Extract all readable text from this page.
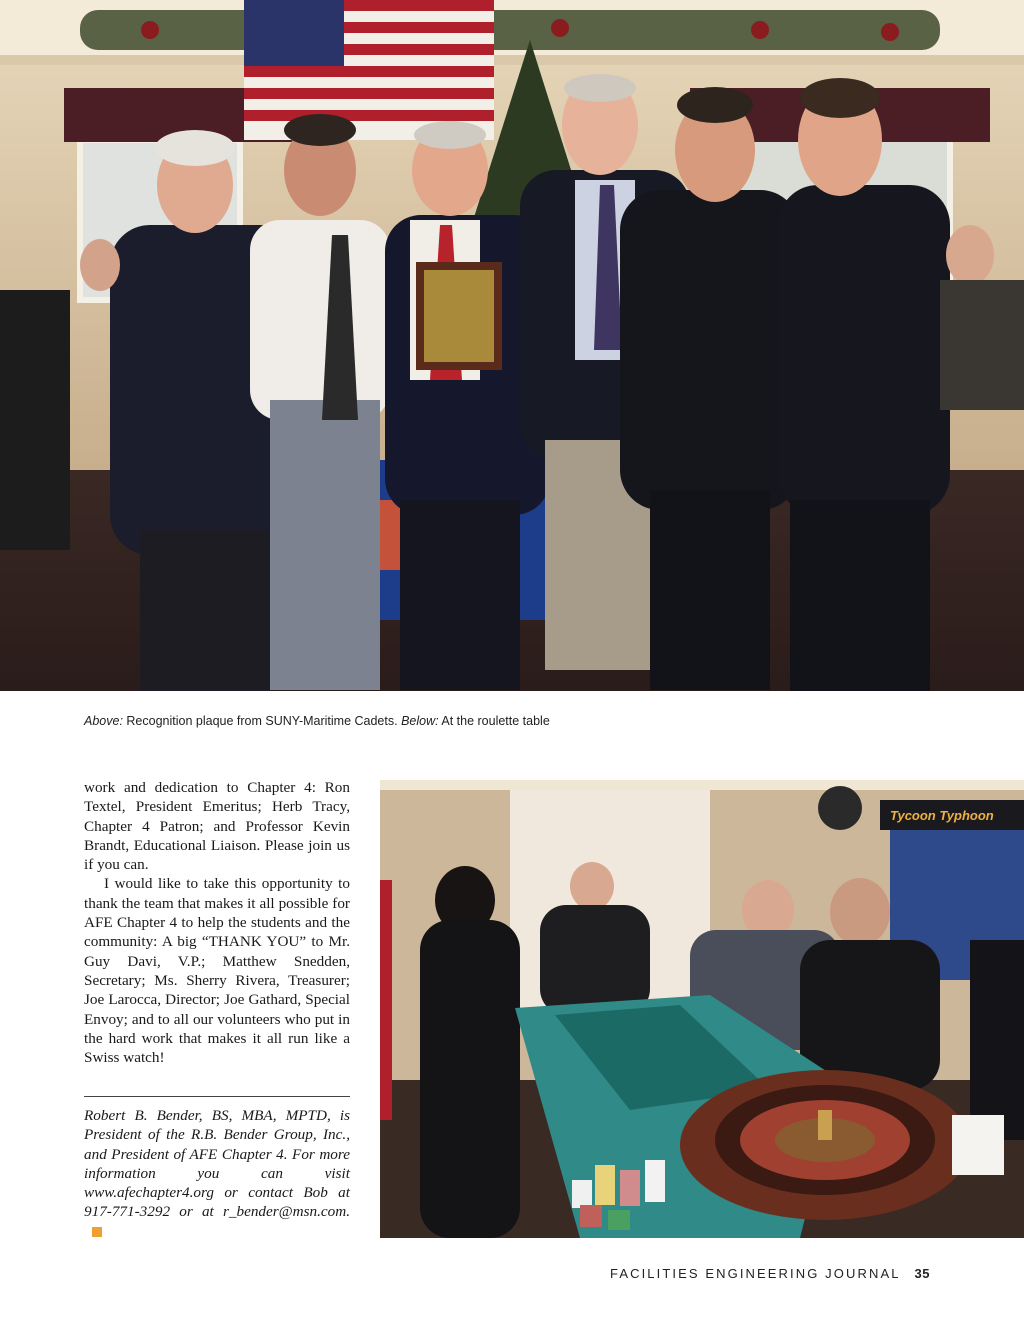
Above: Recognition plaque from SUNY-Maritime Cadets. Below: At the roulette table

work and dedication to Chapter 4: Ron Textel, President Emeritus; Herb Tracy, Chapter 4 Patron; and Professor Kevin Brandt, Educational Liaison. Please join us if you can.

I would like to take this opportunity to thank the team that makes it all possible for AFE Chapter 4 to help the students and the community: A big “THANK YOU” to Mr. Guy Davi, V.P.; Matthew Snedden, Secretary; Ms. Sherry Rivera, Treasurer; Joe Larocca, Director; Joe Gathard, Special Envoy; and to all our volunteers who put in the hard work that makes it all run like a Swiss watch!

Robert B. Bender, BS, MBA, MPTD, is President of the R.B. Bender Group, Inc., and President of AFE Chapter 4. For more information you can visit www.afechapter4.org or contact Bob at 917-771-3292 or at r_bender@msn.com.
Tycoon Typhoon
FACILITIES ENGINEERING JOURNAL 35
